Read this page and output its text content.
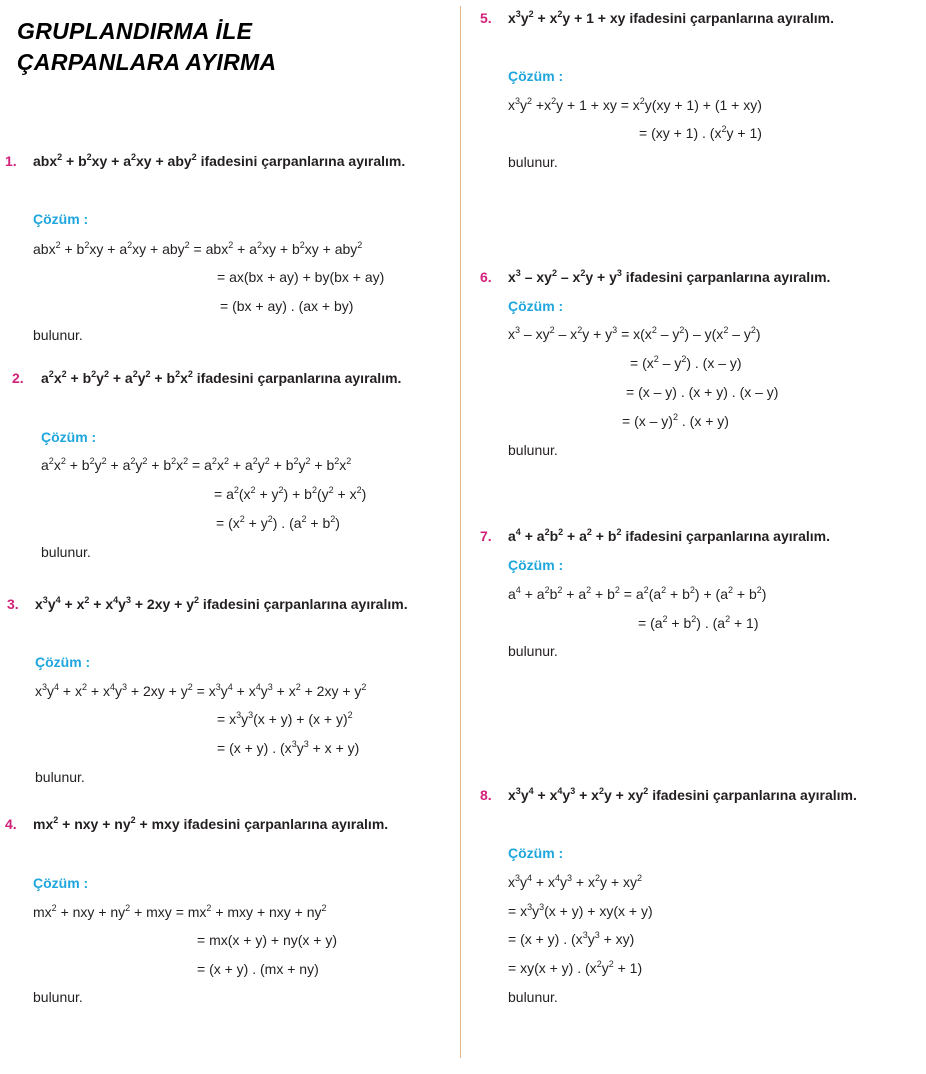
GRUPLANDIRMA İLE
ÇARPANLARA AYIRMA
1. $abx^2 + b^2xy + a^2xy + aby^2$ ifadesini çarpanlarına ayıralım.
Çözüm :
$abx^2 + b^2xy + a^2xy + aby^2 = abx^2 + a^2xy + b^2xy + aby^2$
= ax(bx + ay) + by(bx + ay)
= (bx + ay) . (ax + by)
bulunur.
2. $a^2x^2 + b^2y^2 + a^2y^2 + b^2x^2$ ifadesini çarpanlarına ayıralım.
Çözüm :
$a^2x^2 + b^2y^2 + a^2y^2 + b^2x^2 = a^2x^2 + a^2y^2 + b^2y^2 + b^2x^2$
= $a^2(x^2 + y^2) + b^2(y^2 + x^2)$
= $(x^2 + y^2)$ . $(a^2 + b^2)$
bulunur.
3. $x^3y^4 + x^2 + x^4y^3 + 2xy + y^2$ ifadesini çarpanlarına ayıralım.
Çözüm :
$x^3y^4 + x^2 + x^4y^3 + 2xy + y^2 = x^3y^4 + x^4y^3 + x^2 + 2xy + y^2$
= $x^3y^3(x + y) + (x + y)^2$
= (x + y) . $(x^3y^3 + x + y)$
bulunur.
4. $mx^2$ + nxy + $ny^2$ + mxy ifadesini çarpanlarına ayıralım.
Çözüm :
$mx^2$ + nxy + $ny^2$ + mxy = $mx^2$ + mxy + nxy + $ny^2$
= mx(x + y) + ny(x + y)
= (x + y) . (mx + ny)
bulunur.
5. $x^3y^2 + x^2y + 1$ + xy ifadesini çarpanlarına ayıralım.
Çözüm :
$x^3y^2 +x^2y + 1$ + xy = $x^2y(xy + 1) + (1 + xy)$
= (xy + 1) . $(x^2y + 1)$
bulunur.
6. $x^3 - xy^2 - x^2y + y^3$ ifadesini çarpanlarına ayıralım.
Çözüm :
$x^3 - xy^2 - x^2y + y^3 = x(x^2 - y^2) - y(x^2 - y^2)$
= $(x^2 - y^2)$ . (x – y)
= (x – y) . (x + y) . (x – y)
= (x – y)$^2$ . (x + y)
bulunur.
7. $a^4 + a^2b^2 + a^2 + b^2$ ifadesini çarpanlarına ayıralım.
Çözüm :
$a^4 + a^2b^2 + a^2 + b^2 = a^2(a^2 + b^2) + (a^2 + b^2)$
= $(a^2 + b^2)$ . $(a^2 + 1)$
bulunur.
8. $x^3y^4 + x^4y^3 + x^2y + xy^2$ ifadesini çarpanlarına ayıralım.
Çözüm :
$x^3y^4 + x^4y^3 + x^2y + xy^2$
= $x^3y^3(x + y) + xy(x + y)$
= (x + y) . $(x^3y^3 + xy)$
= xy(x + y) . $(x^2y^2 + 1)$
bulunur.
